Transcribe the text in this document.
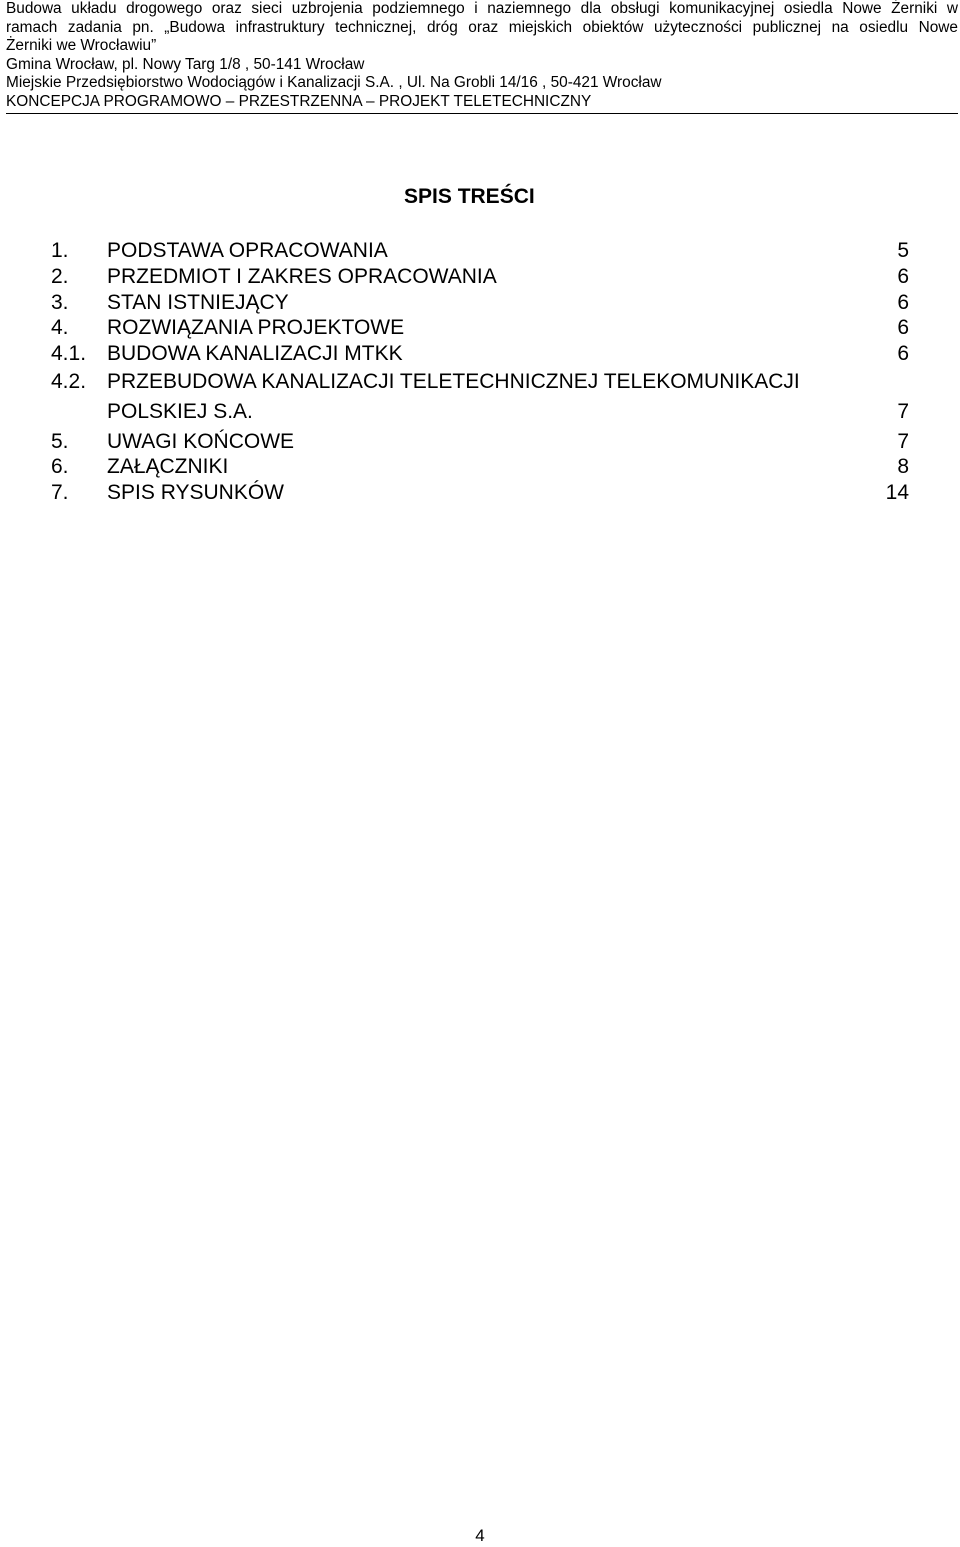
Budowa układu drogowego oraz sieci uzbrojenia podziemnego i naziemnego dla obsługi komunikacyjnej osiedla Nowe Żerniki w
ramach zadania pn. „Budowa infrastruktury technicznej, dróg oraz miejskich obiektów użyteczności publicznej na osiedlu Nowe
Żerniki we Wrocławiu”
Gmina Wrocław, pl. Nowy Targ 1/8 , 50-141 Wrocław
Miejskie Przedsiębiorstwo Wodociągów i Kanalizacji S.A. , Ul. Na Grobli 14/16 , 50-421 Wrocław
KONCEPCJA PROGRAMOWO – PRZESTRZENNA – PROJEKT TELETECHNICZNY
SPIS TREŚCI
1. PODSTAWA OPRACOWANIA	5
2. PRZEDMIOT I ZAKRES OPRACOWANIA	6
3. STAN ISTNIEJĄCY	6
4. ROZWIĄZANIA PROJEKTOWE	6
4.1. BUDOWA KANALIZACJI MTKK	6
4.2. PRZEBUDOWA KANALIZACJI TELETECHNICZNEJ TELEKOMUNIKACJI
POLSKIEJ S.A.	7
5. UWAGI KOŃCOWE	7
6. ZAŁĄCZNIKI	8
7. SPIS RYSUNKÓW	14
4
